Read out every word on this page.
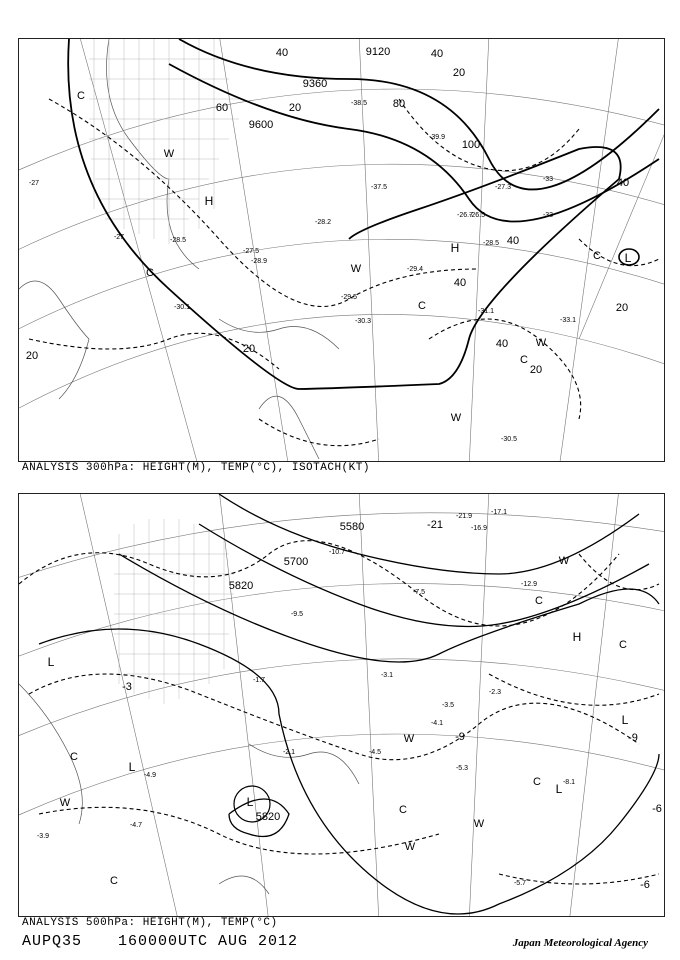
9120
9360
9600
40
60	80
100
40
20
40
20
40
20
20	40
20
40
20
H
L
H
C
W
C	W
C
C
W
W
C
-27
-27
-27.5
-28.2
-28.5
-28.9
-29.4
-29.5
-30.1
-30.3
-31.1
-33.1
-33
-33
-37.5
-38.5
-39.9
-30.5
-26.7
-27.3
-26.5
-28.5
ANALYSIS 300hPa: HEIGHT(M), TEMP(°C), ISOTACH(KT)
5580
5700
5820
5820
-21
-3
-9
-6
-6
-9
H
L
L
L
L
L
C
W
C
W
C
W
C
W
C
W
C
-4.9
-4.7
-4.5
-5.3
-5.7
-8.1
-3.9
-3.5
-3.1
-2.3
-1.7
-2.1
-4.1
-7.5
-9.5
-10.7
-12.9
-16.9
-21.9
-17.1
ANALYSIS 500hPa: HEIGHT(M), TEMP(°C)
AUPQ35 160000UTC AUG 2012	Japan Meteorological Agency
